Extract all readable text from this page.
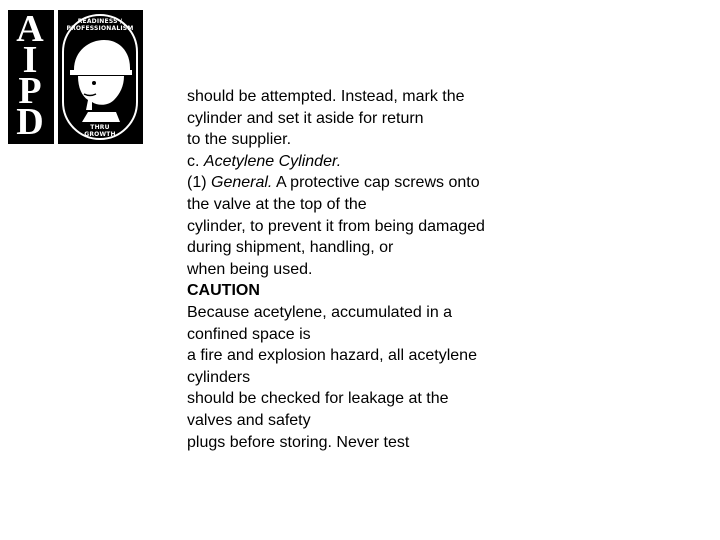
A
I
P
D
READINESS /
PROFESSIONALISM
THRU
GROWTH
should be attempted. Instead, mark the
cylinder and set it aside for return
to the supplier.
c. Acetylene Cylinder.
(1) General. A protective cap screws onto
the valve at the top of the
cylinder, to prevent it from being damaged
during shipment, handling, or
when being used.
CAUTION
Because acetylene, accumulated in a
confined space is
a fire and explosion hazard, all acetylene
cylinders
should be checked for leakage at the
valves and safety
plugs before storing. Never test
